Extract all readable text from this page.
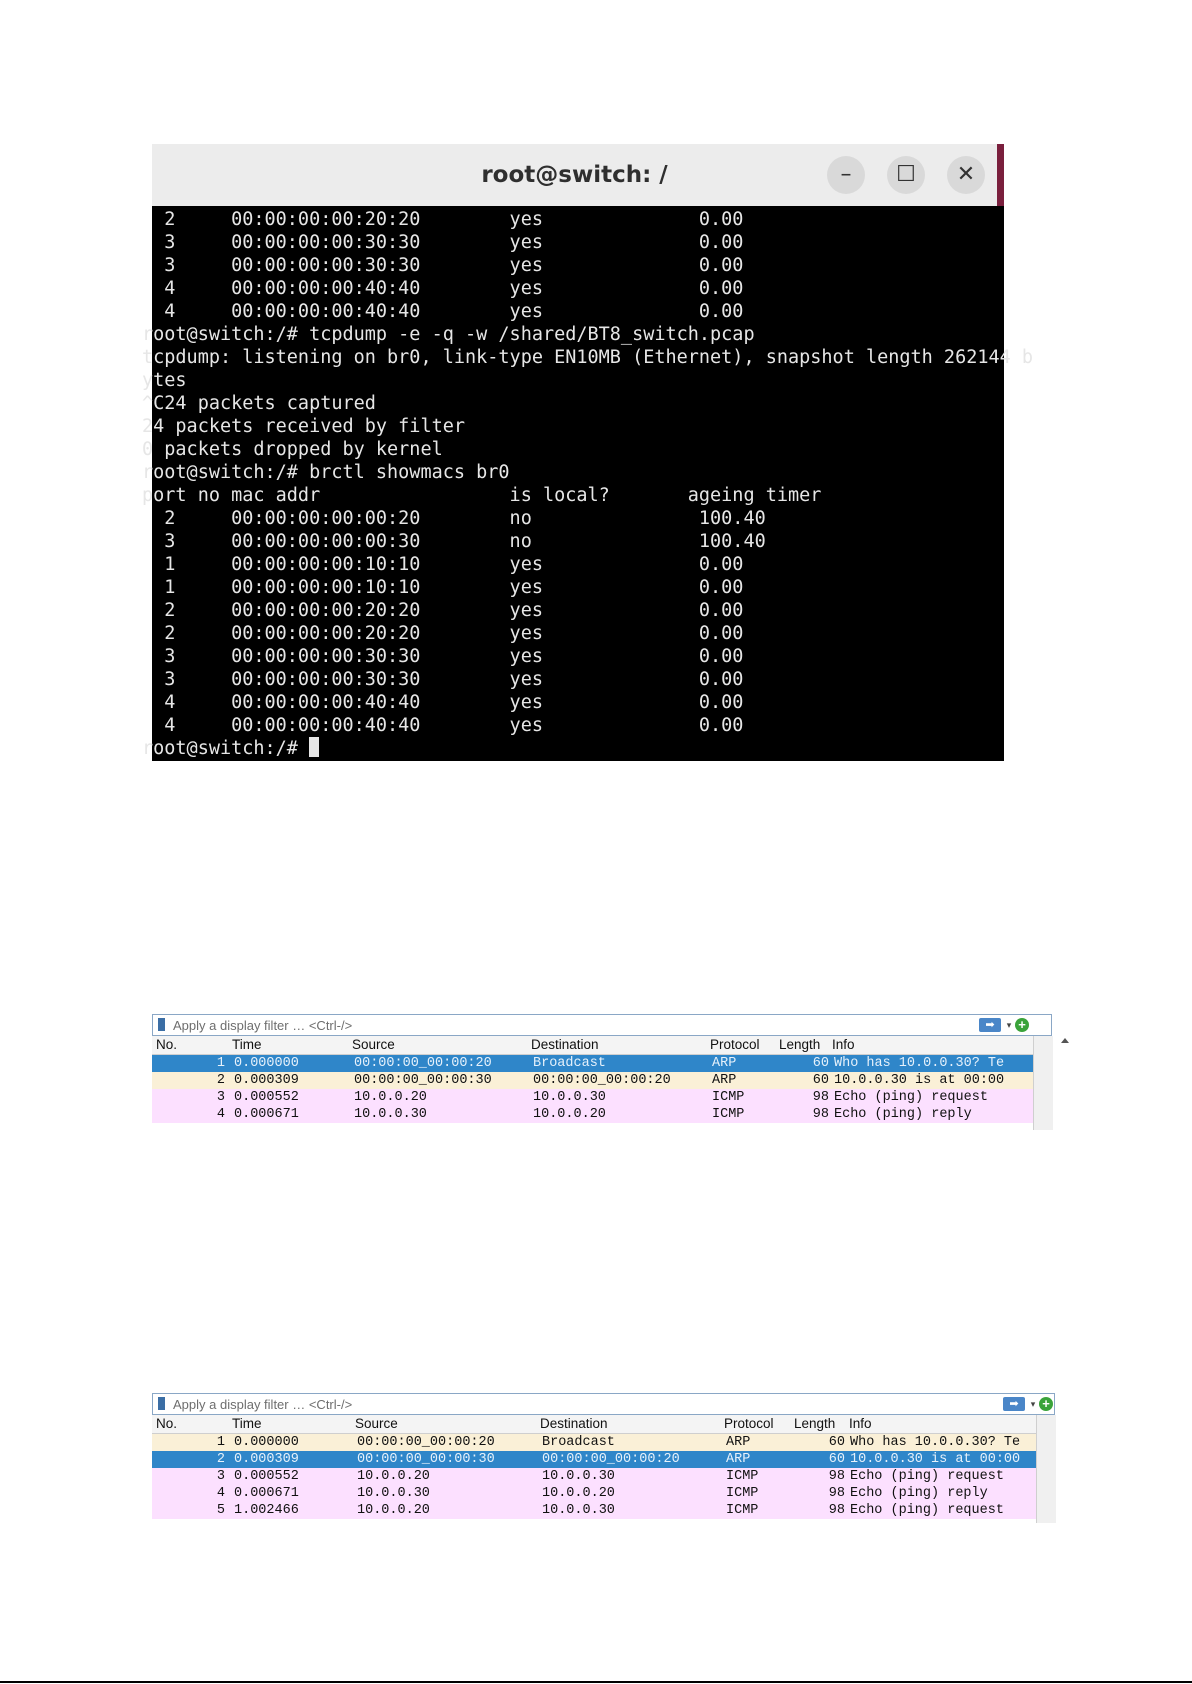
root@switch: /	–	☐	✕
2     00:00:00:00:20:20        yes              0.00
3     00:00:00:00:30:30        yes              0.00
3     00:00:00:00:30:30        yes              0.00
4     00:00:00:00:40:40        yes              0.00
4     00:00:00:00:40:40        yes              0.00
root@switch:/# tcpdump -e -q -w /shared/BT8_switch.pcap
tcpdump: listening on br0, link-type EN10MB (Ethernet), snapshot length 262144 b
ytes
^C24 packets captured
24 packets received by filter
0 packets dropped by kernel
root@switch:/# brctl showmacs br0
port no mac addr                 is local?       ageing timer
2     00:00:00:00:00:20        no               100.40
3     00:00:00:00:00:30        no               100.40
1     00:00:00:00:10:10        yes              0.00
1     00:00:00:00:10:10        yes              0.00
2     00:00:00:00:20:20        yes              0.00
2     00:00:00:00:20:20        yes              0.00
3     00:00:00:00:30:30        yes              0.00
3     00:00:00:00:30:30        yes              0.00
4     00:00:00:00:40:40        yes              0.00
4     00:00:00:00:40:40        yes              0.00
root@switch:/#
Apply a display filter … <Ctrl-/>
➡	▾ +
No.	Time	Source	Destination	Protocol Length Info
1 0.000000	00:00:00_00:00:20	Broadcast	ARP	60 Who has 10.0.0.30? Te
2 0.000309	00:00:00_00:00:30	00:00:00_00:00:20	ARP	60 10.0.0.30 is at 00:00
3 0.000552	10.0.0.20	10.0.0.30	ICMP	98 Echo (ping) request
4 0.000671	10.0.0.30	10.0.0.20	ICMP	98 Echo (ping) reply
Apply a display filter … <Ctrl-/>
➡	▾ +
No.	Time	Source	Destination	Protocol Length Info
1 0.000000	00:00:00_00:00:20	Broadcast	ARP	60 Who has 10.0.0.30? Te
2 0.000309	00:00:00_00:00:30	00:00:00_00:00:20	ARP	60 10.0.0.30 is at 00:00
3 0.000552	10.0.0.20	10.0.0.30	ICMP	98 Echo (ping) request
4 0.000671	10.0.0.30	10.0.0.20	ICMP	98 Echo (ping) reply
5 1.002466	10.0.0.20	10.0.0.30	ICMP	98 Echo (ping) request
